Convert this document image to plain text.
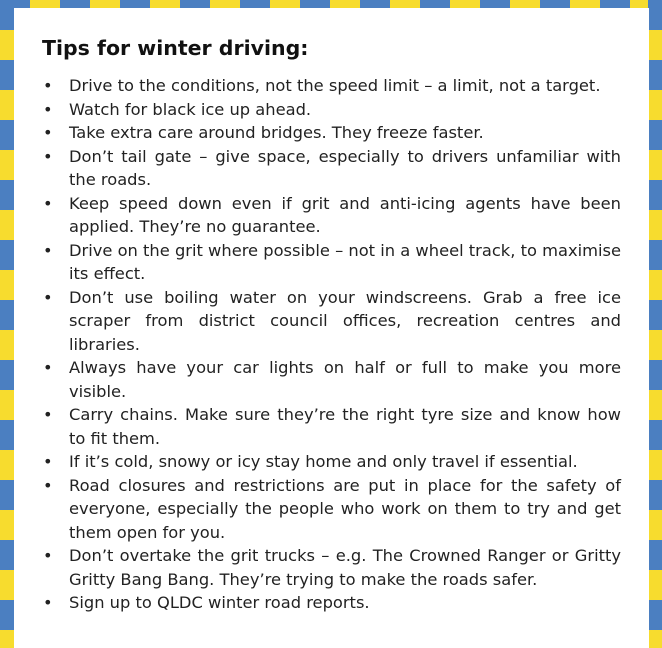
Tips for winter driving:
• Drive to the conditions, not the speed limit – a limit, not a target.
• Watch for black ice up ahead.
• Take extra care around bridges. They freeze faster.
• Don’t tail gate – give space, especially to drivers unfamiliar with the roads.
• Keep speed down even if grit and anti-icing agents have been applied. They’re no guarantee.
• Drive on the grit where possible – not in a wheel track, to maximise its effect.
• Don’t use boiling water on your windscreens. Grab a free ice scraper from district council offices, recreation centres and libraries.
• Always have your car lights on half or full to make you more visible.
• Carry chains. Make sure they’re the right tyre size and know how to fit them.
• If it’s cold, snowy or icy stay home and only travel if essential.
• Road closures and restrictions are put in place for the safety of everyone, especially the people who work on them to try and get them open for you.
• Don’t overtake the grit trucks – e.g. The Crowned Ranger or Gritty Gritty Bang Bang. They’re trying to make the roads safer.
• Sign up to QLDC winter road reports.
